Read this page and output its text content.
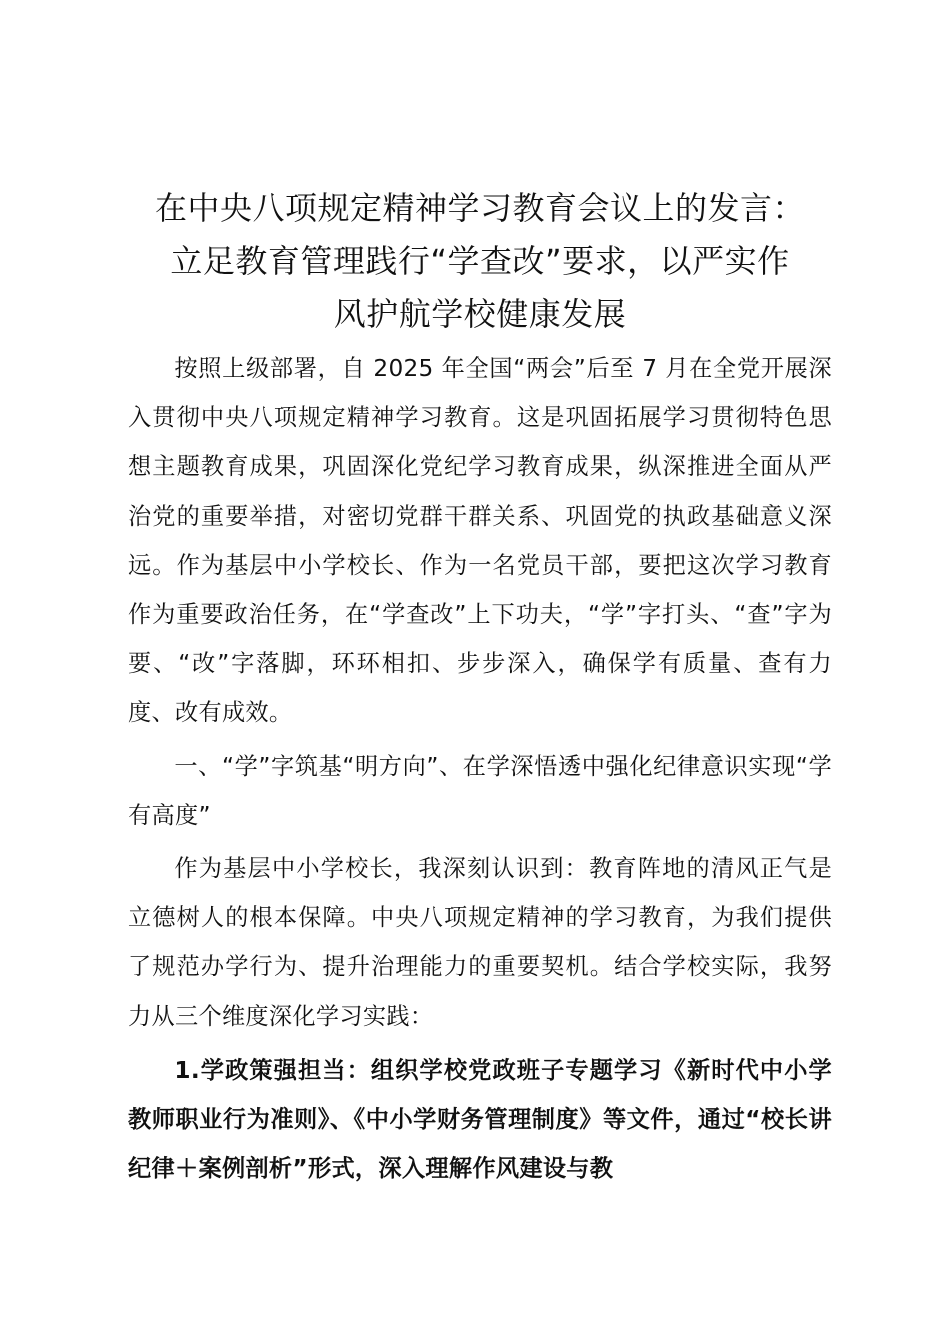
在中央八项规定精神学习教育会议上的发言：
立足教育管理践行“学查改”要求，以严实作
风护航学校健康发展

按照上级部署，自 2025 年全国“两会”后至 7 月在全党开展深入贯彻中央八项规定精神学习教育。这是巩固拓展学习贯彻特色思想主题教育成果，巩固深化党纪学习教育成果，纵深推进全面从严治党的重要举措，对密切党群干群关系、巩固党的执政基础意义深远。作为基层中小学校长、作为一名党员干部，要把这次学习教育作为重要政治任务，在“学查改”上下功夫，“学”字打头、“查”字为要、“改”字落脚，环环相扣、步步深入，确保学有质量、查有力度、改有成效。

一、“学”字筑基“明方向”、在学深悟透中强化纪律意识实现“学有高度”

作为基层中小学校长，我深刻认识到：教育阵地的清风正气是立德树人的根本保障。中央八项规定精神的学习教育，为我们提供了规范办学行为、提升治理能力的重要契机。结合学校实际，我努力从三个维度深化学习实践：

1.学政策强担当：组织学校党政班子专题学习《新时代中小学教师职业行为准则》、《中小学财务管理制度》等文件，通过“校长讲纪律＋案例剖析”形式，深入理解作风建设与教
